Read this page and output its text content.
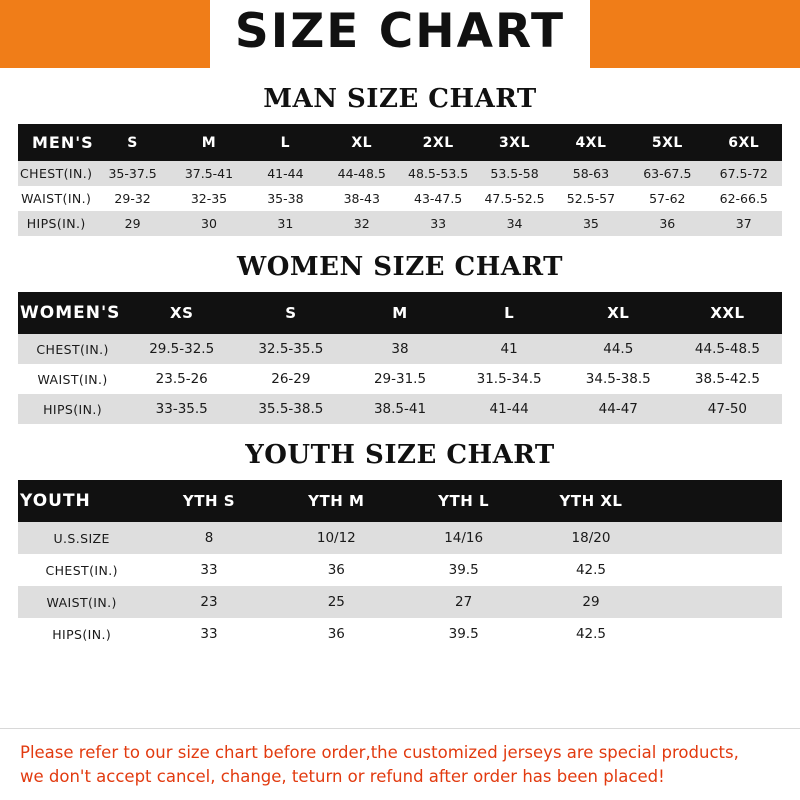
SIZE CHART
MAN SIZE CHART
MEN'S	S	M	L	XL	2XL	3XL	4XL	5XL	6XL
CHEST(IN.)	35-37.5	37.5-41	41-44	44-48.5	48.5-53.5	53.5-58	58-63	63-67.5	67.5-72
WAIST(IN.)	29-32	32-35	35-38	38-43	43-47.5	47.5-52.5	52.5-57	57-62	62-66.5
HIPS(IN.)	29	30	31	32	33	34	35	36	37
WOMEN SIZE CHART
WOMEN'S	XS	S	M	L	XL	XXL
CHEST(IN.)	29.5-32.5	32.5-35.5	38	41	44.5	44.5-48.5
WAIST(IN.)	23.5-26	26-29	29-31.5	31.5-34.5	34.5-38.5	38.5-42.5
HIPS(IN.)	33-35.5	35.5-38.5	38.5-41	41-44	44-47	47-50
YOUTH SIZE CHART
YOUTH	YTH S	YTH M	YTH L	YTH XL	
U.S.SIZE	8	10/12	14/16	18/20	
CHEST(IN.)	33	36	39.5	42.5	
WAIST(IN.)	23	25	27	29	
HIPS(IN.)	33	36	39.5	42.5	

Please refer to our size chart before order,the customized jerseys are special products,

we don't accept cancel, change, teturn or refund after order has been placed!
